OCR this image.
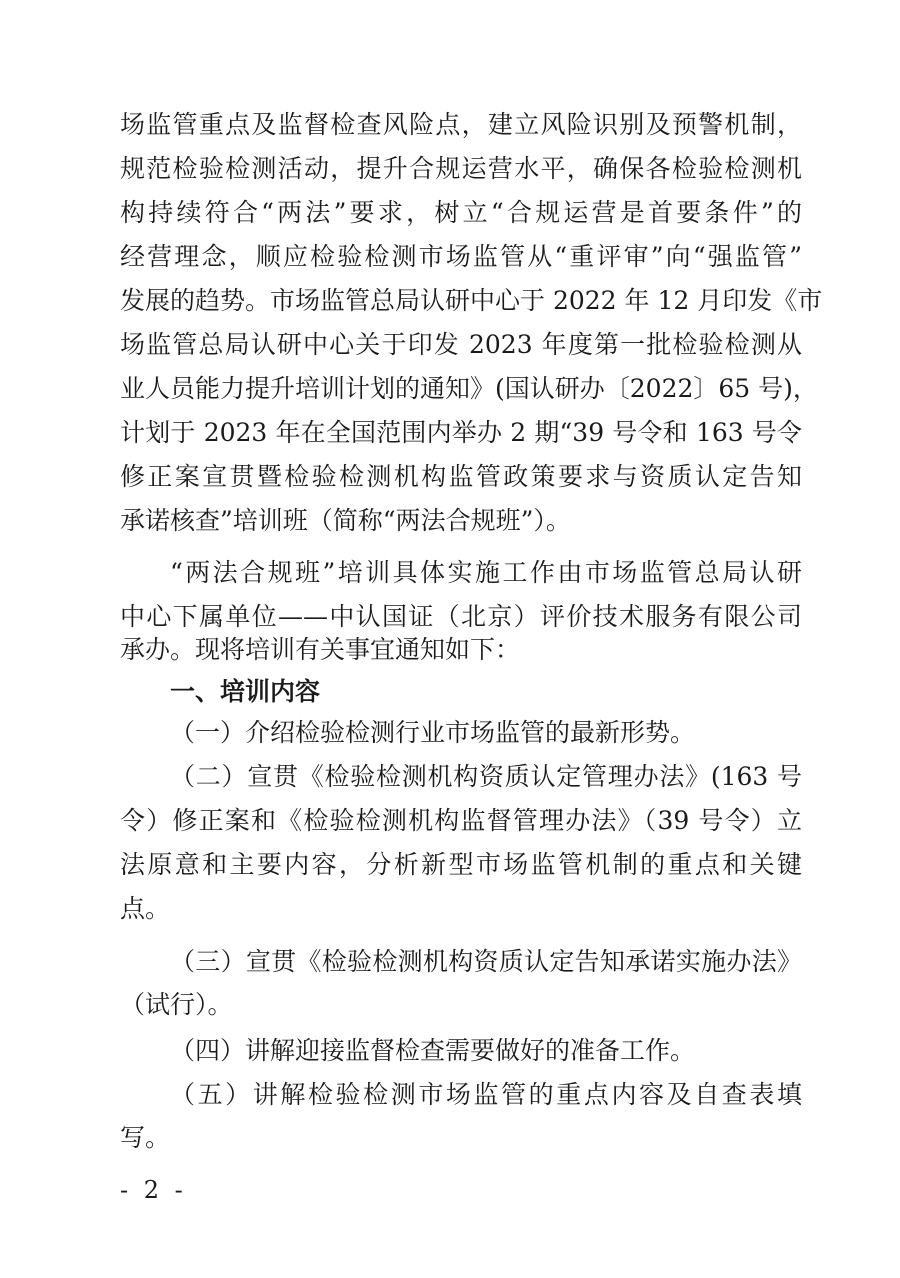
场监管重点及监督检查风险点，建立风险识别及预警机制，
规范检验检测活动，提升合规运营水平，确保各检验检测机
构持续符合“两法”要求，树立“合规运营是首要条件”的
经营理念，顺应检验检测市场监管从“重评审”向“强监管”
发展的趋势。市场监管总局认研中心于 2022 年 12 月印发《市
场监管总局认研中心关于印发 2023 年度第一批检验检测从
业人员能力提升培训计划的通知》(国认研办〔2022〕65 号)，
计划于 2023 年在全国范围内举办 2 期“39 号令和 163 号令
修正案宣贯暨检验检测机构监管政策要求与资质认定告知
承诺核查”培训班（简称“两法合规班”）。
“两法合规班”培训具体实施工作由市场监管总局认研
中心下属单位——中认国证（北京）评价技术服务有限公司
承办。现将培训有关事宜通知如下：
一、培训内容
（一）介绍检验检测行业市场监管的最新形势。
（二）宣贯《检验检测机构资质认定管理办法》(163 号
令）修正案和《检验检测机构监督管理办法》（39 号令）立
法原意和主要内容，分析新型市场监管机制的重点和关键
点。
（三）宣贯《检验检测机构资质认定告知承诺实施办法》
（试行）。
（四）讲解迎接监督检查需要做好的准备工作。
（五）讲解检验检测市场监管的重点内容及自查表填
写。
- 2 -
